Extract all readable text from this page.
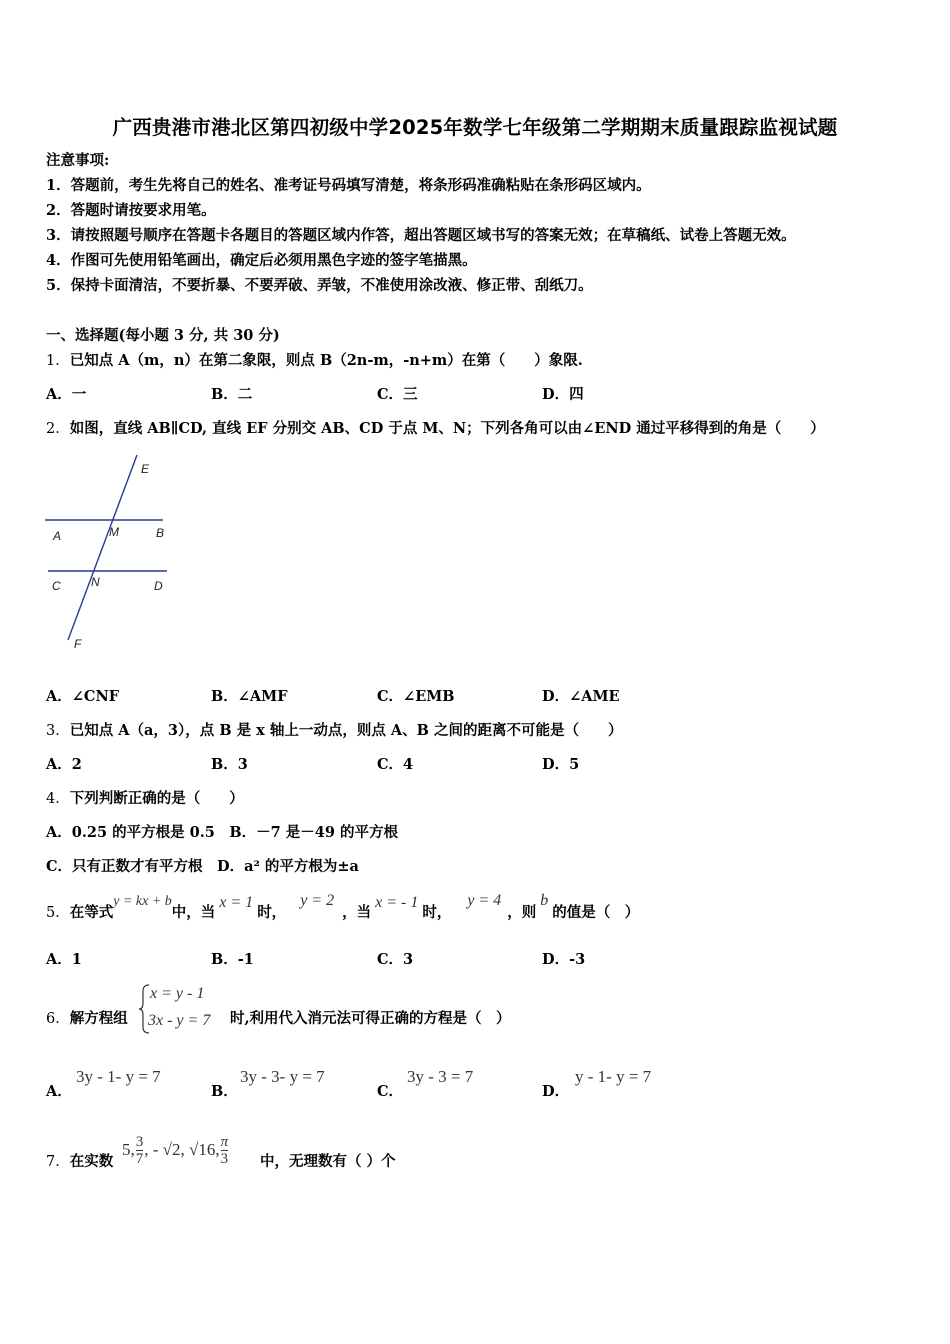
广西贵港市港北区第四初级中学2025年数学七年级第二学期期末质量跟踪监视试题
注意事项:
1．答题前，考生先将自己的姓名、准考证号码填写清楚，将条形码准确粘贴在条形码区域内。
2．答题时请按要求用笔。
3．请按照题号顺序在答题卡各题目的答题区域内作答，超出答题区域书写的答案无效；在草稿纸、试卷上答题无效。
4．作图可先使用铅笔画出，确定后必须用黑色字迹的签字笔描黑。
5．保持卡面清洁，不要折暴、不要弄破、弄皱，不准使用涂改液、修正带、刮纸刀。
一、选择题(每小题 3 分, 共 30 分)
1．已知点 A（m，n）在第二象限，则点 B（2n-m，-n+m）在第（　　）象限.
A．一	B．二	C．三	D．四
2．如图，直线 AB∥CD, 直线 EF 分别交 AB、CD 于点 M、N；下列各角可以由∠END 通过平移得到的角是（　　）
E
A	M	B
C	N	D
F
A．∠CNF	B．∠AMF	C．∠EMB	D．∠AME
3．已知点 A（a，3），点 B 是 x 轴上一动点，则点 A、B 之间的距离不可能是（　　）
A．2	B．3	C．4	D．5
4．下列判断正确的是（　　）
A．0.25 的平方根是 0.5　B．－7 是－49 的平方根
C．只有正数才有平方根　D．a² 的平方根为±a
5．在等式y = kx + b中，当x = 1时，y = 2，当x = - 1时，y = 4，则b的值是（　）
A．1	B．-1	C．3	D．-3
6．解方程组
x = y - 1
3x - y = 7 时,利用代入消元法可得正确的方程是（　）
A．
3y - 1- y = 7
B．
3y - 3- y = 7
C．
3y - 3 = 7
D．
y - 1- y = 7
7．在实数
5, $\frac{3}{7}$ , - √2, √16, $\frac{\pi}{3}$ 中，无理数有（ ）个
